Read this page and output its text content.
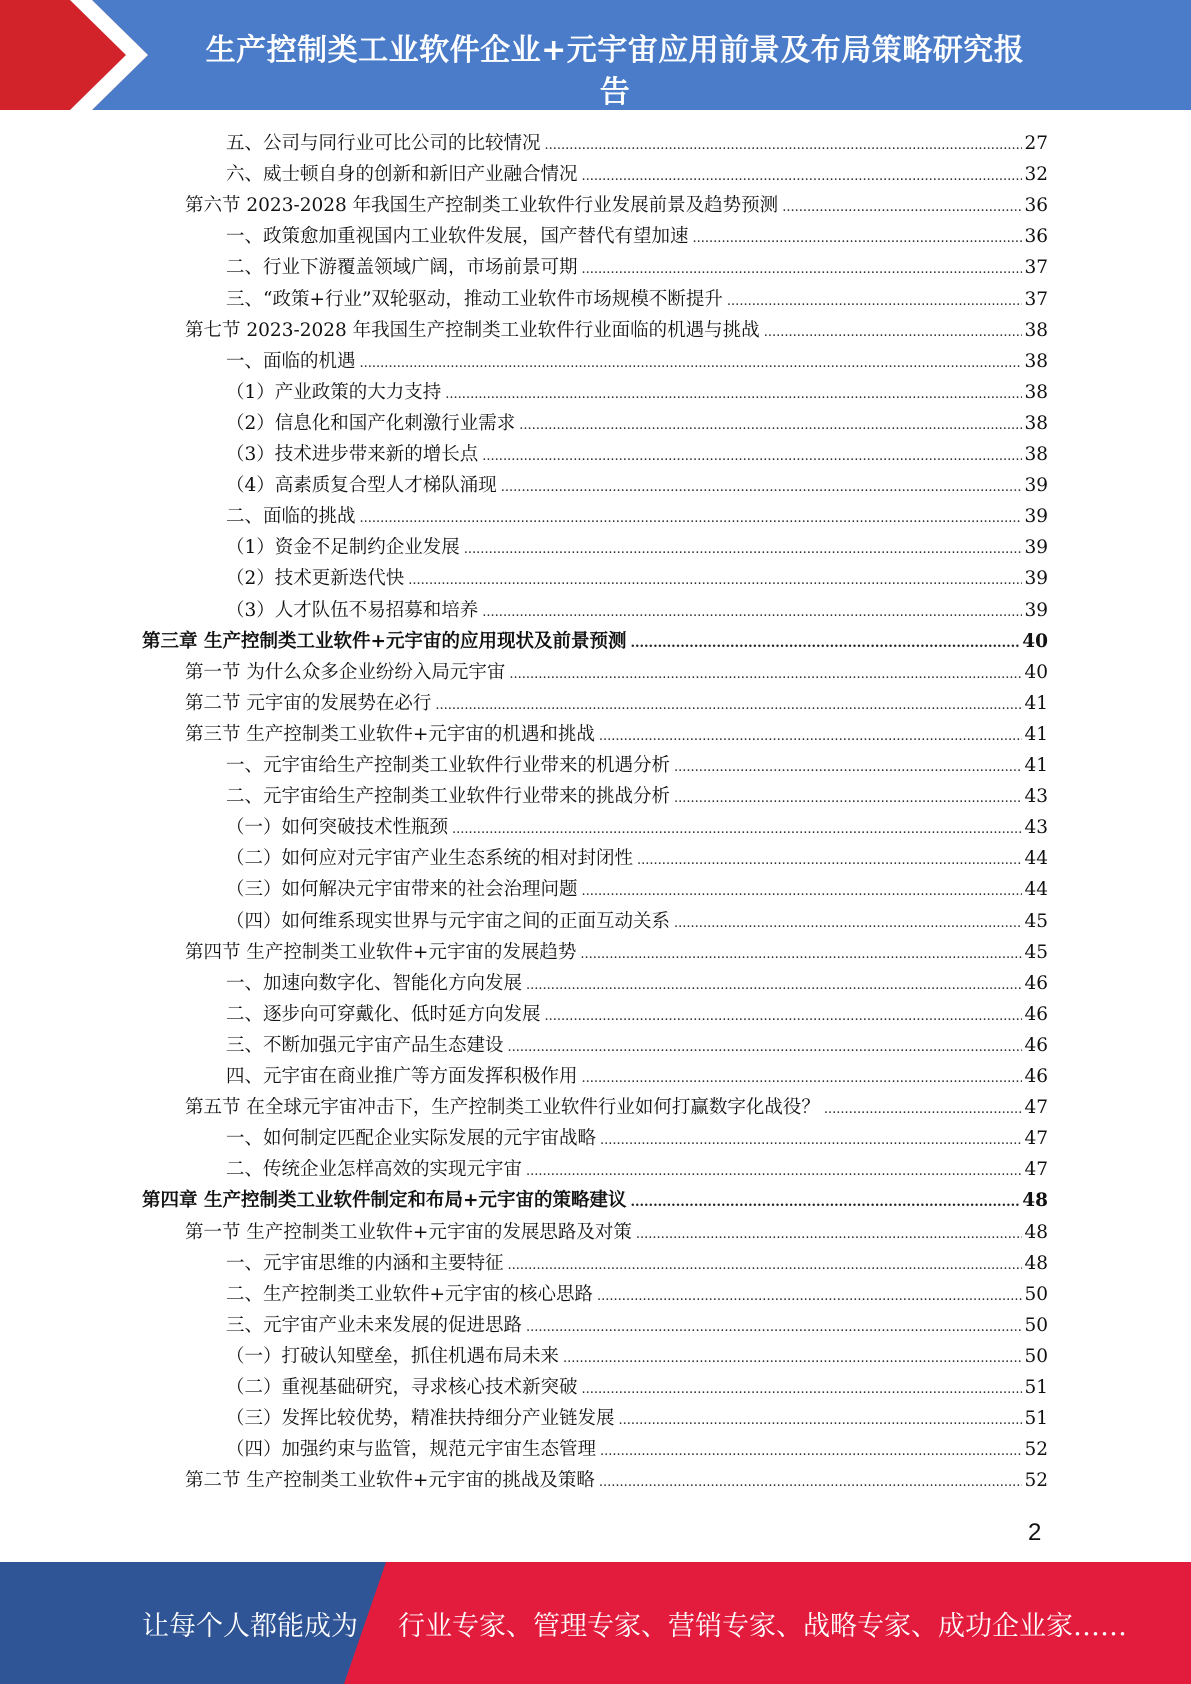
生产控制类工业软件企业+元宇宙应用前景及布局策略研究报
告
五、公司与同行业可比公司的比较情况 .....	27
六、威士顿自身的创新和新旧产业融合情况 .....	32
第六节 2023-2028 年我国生产控制类工业软件行业发展前景及趋势预测 .....	36
一、政策愈加重视国内工业软件发展，国产替代有望加速 .....	36
二、行业下游覆盖领域广阔，市场前景可期 .....	37
三、“政策+行业”双轮驱动，推动工业软件市场规模不断提升 .....	37
第七节 2023-2028 年我国生产控制类工业软件行业面临的机遇与挑战 .....	38
一、面临的机遇 .....	38
（1）产业政策的大力支持 .....	38
（2）信息化和国产化刺激行业需求 .....	38
（3）技术进步带来新的增长点 .....	38
（4）高素质复合型人才梯队涌现 .....	39
二、面临的挑战 .....	39
（1）资金不足制约企业发展 .....	39
（2）技术更新迭代快 .....	39
（3）人才队伍不易招募和培养 .....	39
第三章 生产控制类工业软件+元宇宙的应用现状及前景预测 .....	40
第一节 为什么众多企业纷纷入局元宇宙 .....	40
第二节 元宇宙的发展势在必行 .....	41
第三节 生产控制类工业软件+元宇宙的机遇和挑战 .....	41
一、元宇宙给生产控制类工业软件行业带来的机遇分析 .....	41
二、元宇宙给生产控制类工业软件行业带来的挑战分析 .....	43
（一）如何突破技术性瓶颈 .....	43
（二）如何应对元宇宙产业生态系统的相对封闭性 .....	44
（三）如何解决元宇宙带来的社会治理问题 .....	44
（四）如何维系现实世界与元宇宙之间的正面互动关系 .....	45
第四节 生产控制类工业软件+元宇宙的发展趋势 .....	45
一、加速向数字化、智能化方向发展 .....	46
二、逐步向可穿戴化、低时延方向发展 .....	46
三、不断加强元宇宙产品生态建设 .....	46
四、元宇宙在商业推广等方面发挥积极作用 .....	46
第五节 在全球元宇宙冲击下，生产控制类工业软件行业如何打赢数字化战役？ .....	47
一、如何制定匹配企业实际发展的元宇宙战略 .....	47
二、传统企业怎样高效的实现元宇宙 .....	47
第四章 生产控制类工业软件制定和布局+元宇宙的策略建议 .....	48
第一节 生产控制类工业软件+元宇宙的发展思路及对策 .....	48
一、元宇宙思维的内涵和主要特征 .....	48
二、生产控制类工业软件+元宇宙的核心思路 .....	50
三、元宇宙产业未来发展的促进思路 .....	50
（一）打破认知壁垒，抓住机遇布局未来 .....	50
（二）重视基础研究，寻求核心技术新突破 .....	51
（三）发挥比较优势，精准扶持细分产业链发展 .....	51
（四）加强约束与监管，规范元宇宙生态管理 .....	52
第二节 生产控制类工业软件+元宇宙的挑战及策略 .....	52
2
让每个人都能成为 行业专家、管理专家、营销专家、战略专家、成功企业家……
